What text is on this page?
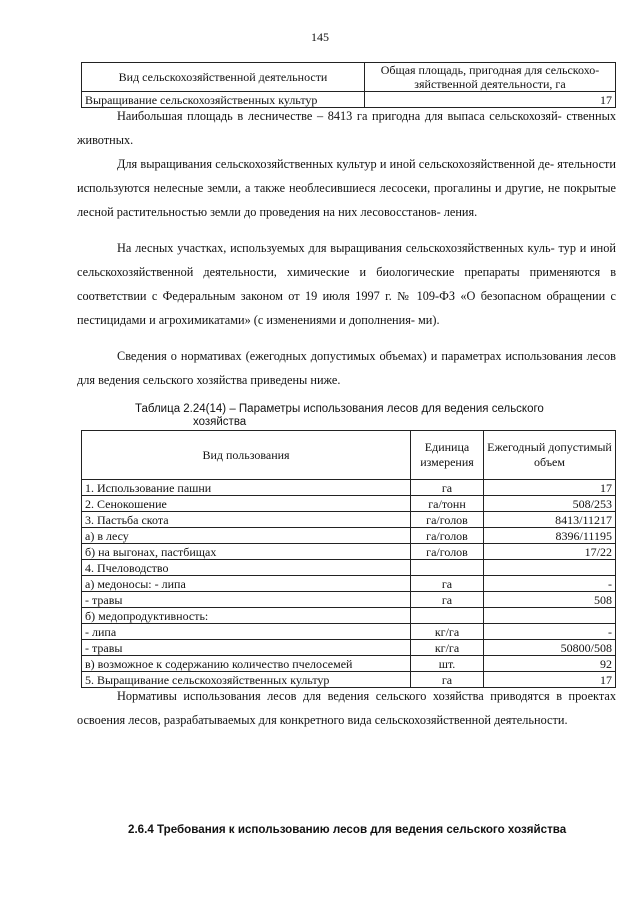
145
Вид сельскохозяйственной деятельности	Общая площадь, пригодная для сельскохо- зяйственной деятельности, га
Выращивание сельскохозяйственных культур	17

Наибольшая площадь в лесничестве – 8413 га пригодна для выпаса сельскохозяй- ственных животных.

Для выращивания сельскохозяйственных культур и иной сельскохозяйственной де- ятельности используются нелесные земли, а также необлесившиеся лесосеки, прогалины и другие, не покрытые лесной растительностью земли до проведения на них лесовосстанов- ления.

На лесных участках, используемых для выращивания сельскохозяйственных куль- тур и иной сельскохозяйственной деятельности, химические и биологические препараты применяются в соответствии с Федеральным законом от 19 июля 1997 г. № 109-ФЗ «О безопасном обращении с пестицидами и агрохимикатами» (с изменениями и дополнения- ми).

Сведения о нормативах (ежегодных допустимых объемах) и параметрах использования лесов для ведения сельского хозяйства приведены ниже.

Таблица 2.24(14) – Параметры использования лесов для ведения сельского
хозяйства
Вид пользования	Единица измерения	Ежегодный допустимый объем
1. Использование пашни	га	17
2. Сенокошение	га/тонн	508/253
3. Пастьба скота	га/голов	8413/11217
а) в лесу	га/голов	8396/11195
б) на выгонах, пастбищах	га/голов	17/22
4. Пчеловодство		
а) медоносы: - липа	га	-
- травы	га	508
б) медопродуктивность:		
- липа	кг/га	-
- травы	кг/га	50800/508
в) возможное к содержанию количество пчелосемей	шт.	92
5. Выращивание сельскохозяйственных культур	га	17

Нормативы использования лесов для ведения сельского хозяйства приводятся в проектах освоения лесов, разрабатываемых для конкретного вида сельскохозяйственной деятельности.

2.6.4 Требования к использованию лесов для ведения сельского хозяйства
